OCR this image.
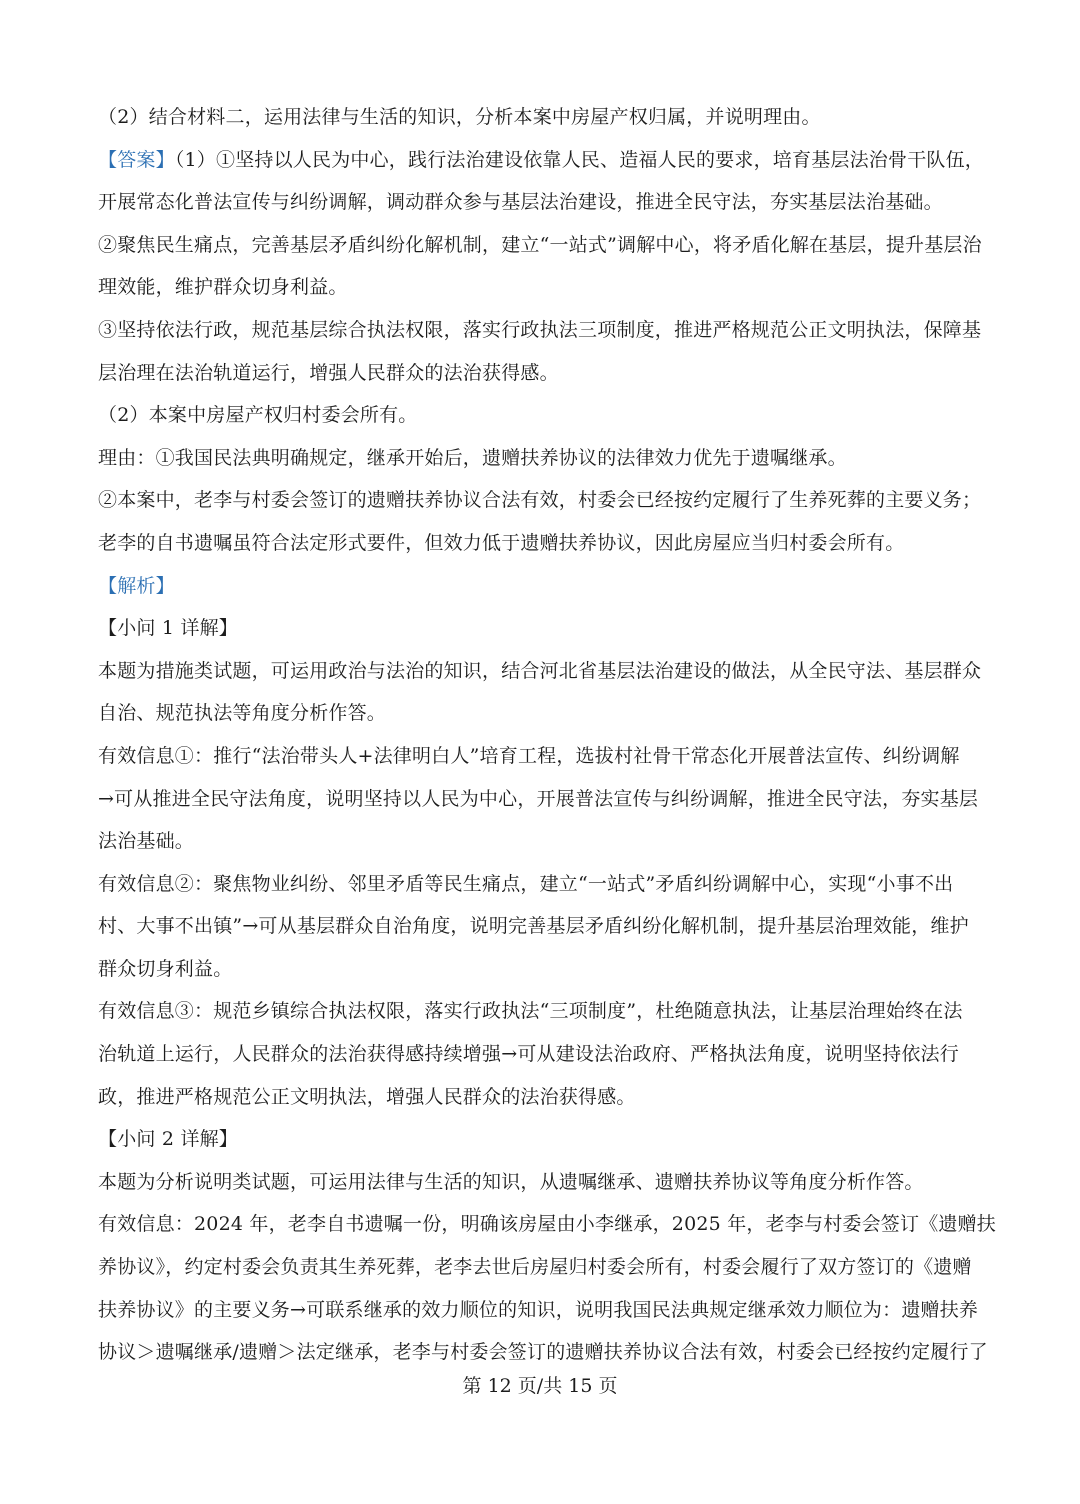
（2）结合材料二，运用法律与生活的知识，分析本案中房屋产权归属，并说明理由。
【答案】（1）①坚持以人民为中心，践行法治建设依靠人民、造福人民的要求，培育基层法治骨干队伍，
开展常态化普法宣传与纠纷调解，调动群众参与基层法治建设，推进全民守法，夯实基层法治基础。
②聚焦民生痛点，完善基层矛盾纠纷化解机制，建立“一站式”调解中心，将矛盾化解在基层，提升基层治
理效能，维护群众切身利益。
③坚持依法行政，规范基层综合执法权限，落实行政执法三项制度，推进严格规范公正文明执法，保障基
层治理在法治轨道运行，增强人民群众的法治获得感。
（2）本案中房屋产权归村委会所有。
理由：①我国民法典明确规定，继承开始后，遗赠扶养协议的法律效力优先于遗嘱继承。
②本案中，老李与村委会签订的遗赠扶养协议合法有效，村委会已经按约定履行了生养死葬的主要义务；
老李的自书遗嘱虽符合法定形式要件，但效力低于遗赠扶养协议，因此房屋应当归村委会所有。
【解析】
【小问 1 详解】
本题为措施类试题，可运用政治与法治的知识，结合河北省基层法治建设的做法，从全民守法、基层群众
自治、规范执法等角度分析作答。
有效信息①：推行“法治带头人+法律明白人”培育工程，选拔村社骨干常态化开展普法宣传、纠纷调解
→可从推进全民守法角度，说明坚持以人民为中心，开展普法宣传与纠纷调解，推进全民守法，夯实基层
法治基础。
有效信息②：聚焦物业纠纷、邻里矛盾等民生痛点，建立“一站式”矛盾纠纷调解中心，实现“小事不出
村、大事不出镇”→可从基层群众自治角度，说明完善基层矛盾纠纷化解机制，提升基层治理效能，维护
群众切身利益。
有效信息③：规范乡镇综合执法权限，落实行政执法“三项制度”，杜绝随意执法，让基层治理始终在法
治轨道上运行，人民群众的法治获得感持续增强→可从建设法治政府、严格执法角度，说明坚持依法行
政，推进严格规范公正文明执法，增强人民群众的法治获得感。
【小问 2 详解】
本题为分析说明类试题，可运用法律与生活的知识，从遗嘱继承、遗赠扶养协议等角度分析作答。
有效信息：2024 年，老李自书遗嘱一份，明确该房屋由小李继承，2025 年，老李与村委会签订《遗赠扶
养协议》，约定村委会负责其生养死葬，老李去世后房屋归村委会所有，村委会履行了双方签订的《遗赠
扶养协议》的主要义务→可联系继承的效力顺位的知识，说明我国民法典规定继承效力顺位为：遗赠扶养
协议＞遗嘱继承/遗赠＞法定继承，老李与村委会签订的遗赠扶养协议合法有效，村委会已经按约定履行了
第 12 页/共 15 页
